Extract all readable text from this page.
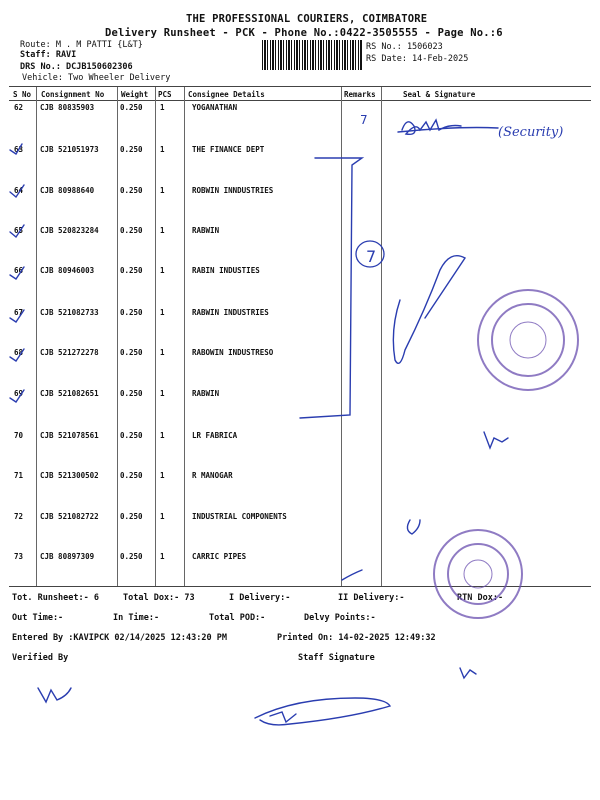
THE PROFESSIONAL COURIERS, COIMBATORE
Delivery Runsheet - PCK - Phone No.:0422-3505555 - Page No.:6
Route: M . M PATTI {L&T}
Staff: RAVI
DRS No.: DCJB150602306
Vehicle: Two Wheeler Delivery
RS No.: 1506023
RS Date: 14-Feb-2025
S No Consignment No Weight PCS Consignee Details	Remarks	Seal & Signature
62 CJB 80835903	0.250 1	YOGANATHAN
63 CJB 521051973	0.250 1	THE FINANCE DEPT
64 CJB 80988640	0.250 1	ROBWIN INNDUSTRIES
65 CJB 520823284	0.250 1	RABWIN
66 CJB 80946003	0.250 1	RABIN INDUSTIES
67 CJB 521082733	0.250 1	RABWIN INDUSTRIES
68 CJB 521272278	0.250 1	RABOWIN INDUSTRESO
69 CJB 521082651	0.250 1	RABWIN
70 CJB 521078561	0.250 1	LR FABRICA
71 CJB 521300502	0.250 1	R MANOGAR
72 CJB 521082722	0.250 1	INDUSTRIAL COMPONENTS
73 CJB 80897309	0.250 1	CARRIC PIPES
Tot. Runsheet:- 6	Total Dox:- 73	I Delivery:-	II Delivery:-	RTN Dox:-
Out Time:-	In Time:-	Total POD:-	Delvy Points:-
Entered By :KAVIPCK 02/14/2025 12:43:20 PM	Printed On: 14-02-2025 12:49:32
Verified By	Staff Signature
7
7
(Security)
